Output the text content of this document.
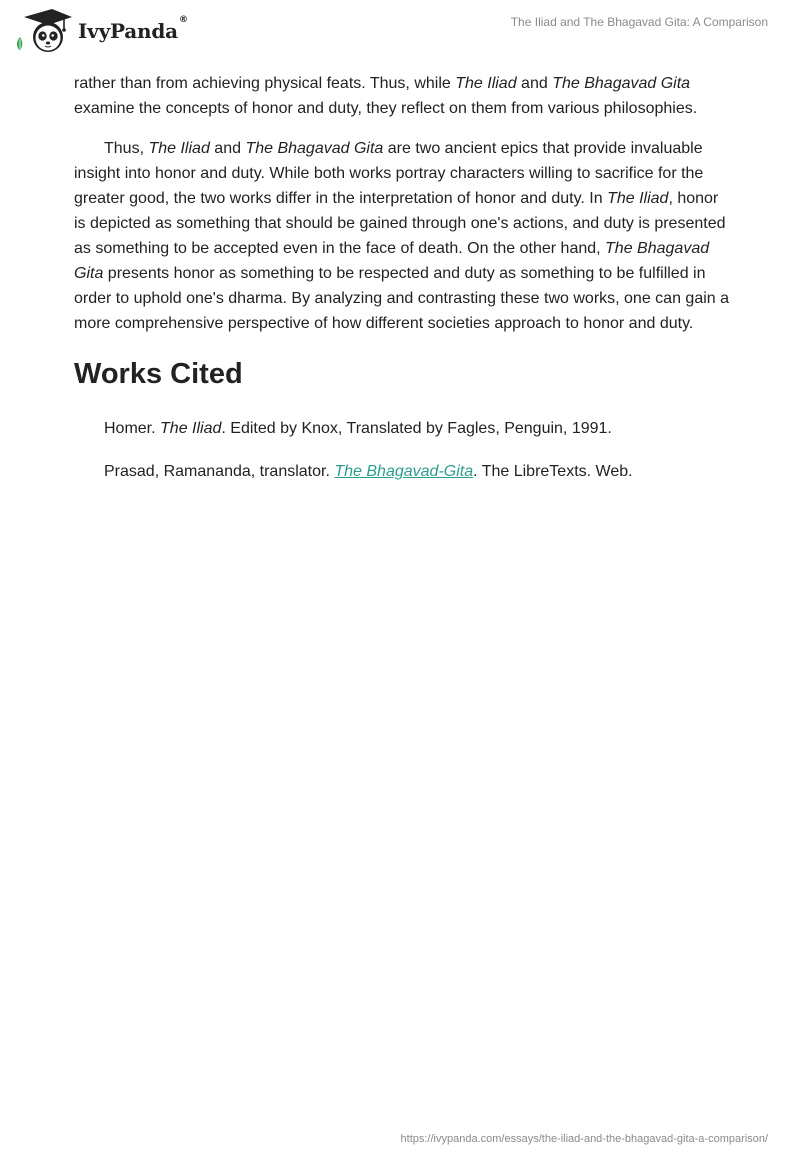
IvyPanda®	The Iliad and The Bhagavad Gita: A Comparison

rather than from achieving physical feats. Thus, while The Iliad and The Bhagavad Gita examine the concepts of honor and duty, they reflect on them from various philosophies.

Thus, The Iliad and The Bhagavad Gita are two ancient epics that provide invaluable insight into honor and duty. While both works portray characters willing to sacrifice for the greater good, the two works differ in the interpretation of honor and duty. In The Iliad, honor is depicted as something that should be gained through one's actions, and duty is presented as something to be accepted even in the face of death. On the other hand, The Bhagavad Gita presents honor as something to be respected and duty as something to be fulfilled in order to uphold one's dharma. By analyzing and contrasting these two works, one can gain a more comprehensive perspective of how different societies approach to honor and duty.

Works Cited
Homer. The Iliad. Edited by Knox, Translated by Fagles, Penguin, 1991.
Prasad, Ramananda, translator. The Bhagavad-Gita. The LibreTexts. Web.
https://ivypanda.com/essays/the-iliad-and-the-bhagavad-gita-a-comparison/
